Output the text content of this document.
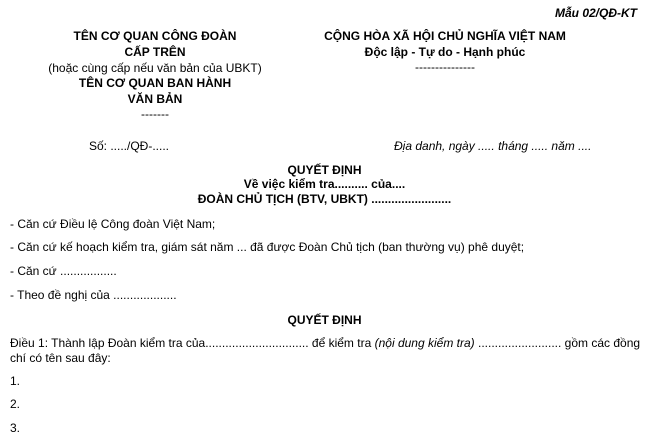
Mẫu 02/QĐ-KT
TÊN CƠ QUAN CÔNG ĐOÀN
CẤP TRÊN
(hoặc cùng cấp nếu văn bản của UBKT)
TÊN CƠ QUAN BAN HÀNH
VĂN BẢN
-------
CỘNG HÒA XÃ HỘI CHỦ NGHĨA VIỆT NAM
Độc lập - Tự do - Hạnh phúc
---------------
Số: ...../QĐ-.....	Địa danh, ngày ..... tháng ..... năm ....
QUYẾT ĐỊNH
Về việc kiểm tra.......... của....
ĐOÀN CHỦ TỊCH (BTV, UBKT) ........................
- Căn cứ Điều lệ Công đoàn Việt Nam;
- Căn cứ kế hoạch kiểm tra, giám sát năm ... đã được Đoàn Chủ tịch (ban thường vụ) phê duyệt;
- Căn cứ .................
- Theo đề nghị của ...................
QUYẾT ĐỊNH
Điều 1: Thành lập Đoàn kiểm tra của............................... để kiểm tra (nội dung kiểm tra) ......................... gồm các đồng
chí có tên sau đây:
1.
2.
3.
